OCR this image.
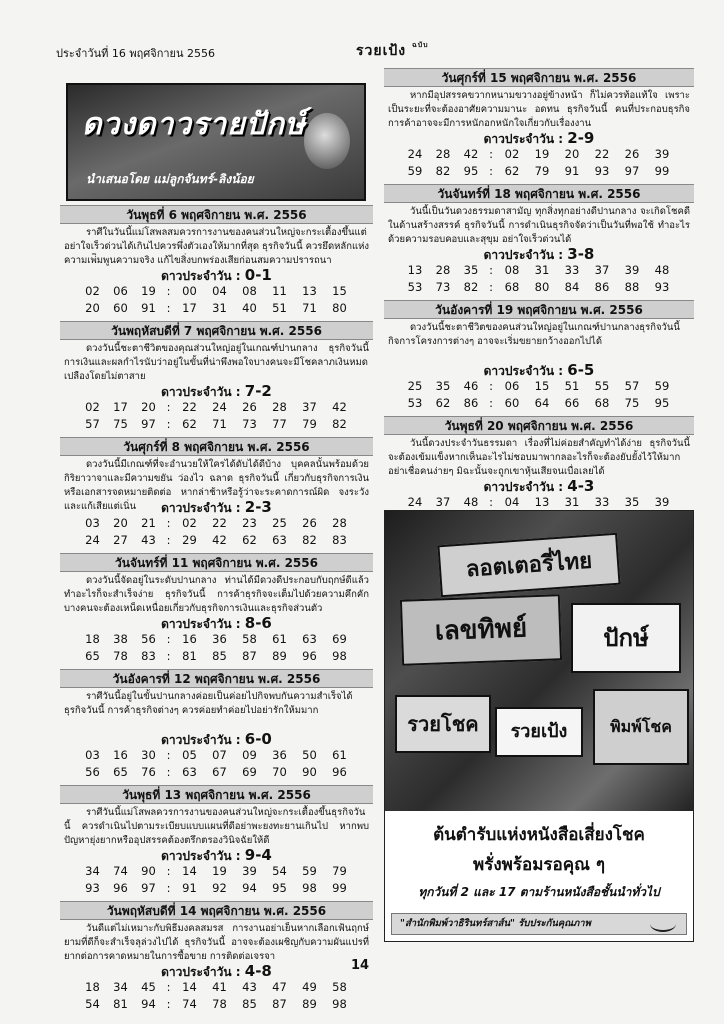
ประจำวันที่ 16 พฤศจิกายน 2556	รวยเป้ง $^{ฉบับ}$
ดวงดาวรายปักษ์
นำเสนอโดย แม่ลูกจันทร์-ลิงน้อย
วันพุธที่ 6 พฤศจิกายน พ.ศ. 2556
ราศีในวันนี้แม่โสพลสมควรการงานของคนส่วนใหญ่จะกระเตื้องขึ้นแต่อย่าใจเร็วด่วนได้เกินไปควรพึ่งตัวเองให้มากที่สุด ธุรกิจวันนี้ ควรยึดหลักแห่งความเพ่ิมพูนความจริง แก้ไขสิ่งบกพร่องเสียก่อนสมความปรารถนา
ดาวประจำวัน : 0-1
02	06	19 :	00	04	08	11	13	15
20	60	91 :	17	31	40	51	71	80
วันพฤหัสบดีที่ 7 พฤศจิกายน พ.ศ. 2556
ดวงวันนี้ชะตาชีวิตของคุณส่วนใหญ่อยู่ในเกณฑ์ปานกลาง ธุรกิจวันนี้การเงินและผลกำไรนับว่าอยู่ในขั้นที่น่าพึงพอใจบางคนจะมีโชคลาภเงินหมดเปลืองโดยไม่ตาสาย
ดาวประจำวัน : 7-2
02	17	20 :	22	24	26	28	37	42
57	75	97 :	62	71	73	77	79	82
วันศุกร์ที่ 8 พฤศจิกายน พ.ศ. 2556
ดวงวันนี้มีเกณฑ์ที่จะอำนวยให้ใครได้ดับได้ดีบ้าง บุคคลนั้นพร้อมด้วยกิริยาวาจาและมีความขยัน ว่องไว ฉลาด ธุรกิจวันนี้ เกี่ยวกับธุรกิจการเงินหรือเอกสารจดหมายติดต่อ หากล่าช้าหรือรู้ว่าจะระคาดการณ์ผิด จงระวังและแก้เสียแต่เนิ่น	ดาวประจำวัน : 2-3
03	20	21 :	02	22	23	25	26	28
24	27	43 :	29	42	62	63	82	83
วันจันทร์ที่ 11 พฤศจิกายน พ.ศ. 2556
ดวงวันนี้จัดอยู่ในระดับปานกลาง ท่านได้มีดวงดีประกอบกับฤกษ์ดีแล้วทำอะไรก็จะสำเร็จง่าย ธุรกิจวันนี้ การค้าธุรกิจจะเต็มไปด้วยความคึกคัก บางคนจะต้องเหน็ดเหนื่อยเกี่ยวกับธุรกิจการเงินและธุรกิจส่วนตัว
ดาวประจำวัน : 8-6
18	38	56 :	16	36	58	61	63	69
65	78	83 :	81	85	87	89	96	98
วันอังคารที่ 12 พฤศจิกายน พ.ศ. 2556
ราศีวันนี้อยู่ในขั้นปานกลางค่อยเป็นค่อยไปกิจพบกันความสำเร็จได้ธุรกิจวันนี้ การค้าธุรกิจต่างๆ ควรค่อยทำค่อยไปอย่ารักให้มมาก
ดาวประจำวัน : 6-0
03	16	30 :	05	07	09	36	50	61
56	65	76 :	63	67	69	70	90	96
วันพุธที่ 13 พฤศจิกายน พ.ศ. 2556
ราศีวันนี้แม่โสพลควรการงานของคนส่วนใหญ่จะกระเตื้องขึ้นธุรกิจวันนี้ ควรดำเนินไปตามระเบียบแบบแผนที่ดีอย่าพะยงทะยานเกินไป หากพบปัญหายุ่งยากหรืออุปสรรคต้องตรึกตรองวินิจฉัยให้ดี
ดาวประจำวัน : 9-4
34	74	90 :	14	19	39	54	59	79
93	96	97 :	91	92	94	95	98	99
วันพฤหัสบดีที่ 14 พฤศจิกายน พ.ศ. 2556
วันดีแต่ไม่เหมาะกับพิธีมงคลสมรส การงานอย่าเย็นหากเลือกเฟ้นฤกษ์ยามที่ดีก็จะสำเร็จลุล่วงไปได้ ธุรกิจวันนี้ อาจจะต้องเผชิญกับความผันแปรที่ยากต่อการคาดหมายในการซื้อขาย การติดต่อเจรจา
ดาวประจำวัน : 4-8
18	34	45 :	14	41	43	47	49	58
54	81	94 :	74	78	85	87	89	98
วันศุกร์ที่ 15 พฤศจิกายน พ.ศ. 2556
หากมีอุปสรรคขวากหนามขวางอยู่ข้างหน้า ก็ไม่ควรท้อแท้ใจ เพราะเป็นระยะที่จะต้องอาศัยความมานะ อดทน ธุรกิจวันนี้ คนที่ประกอบธุรกิจการค้าอาจจะมีการหนักอกหนักใจเกี่ยวกับเรื่องงาน
ดาวประจำวัน : 2-9
24	28	42 :	02	19	20	22	26	39
59	82	95 :	62	79	91	93	97	99
วันจันทร์ที่ 18 พฤศจิกายน พ.ศ. 2556
วันนี้เป็นวันดวงธรรมดาสามัญ ทุกสิ่งทุกอย่างดีปานกลาง จะเกิดโชคดีในด้านสร้างสรรค์ ธุรกิจวันนี้ การดำเนินธุรกิจจัดว่าเป็นวันที่พอใช้ ทำอะไรด้วยความรอบคอบและสุขุม อย่าใจเร็วด่วนได้
ดาวประจำวัน : 3-8
13	28	35 :	08	31	33	37	39	48
53	73	82 :	68	80	84	86	88	93
วันอังคารที่ 19 พฤศจิกายน พ.ศ. 2556
ดวงวันนี้ชะตาชีวิตของคนส่วนใหญ่อยู่ในเกณฑ์ปานกลางธุรกิจวันนี้กิจการโครงการต่างๆ อาจจะเริ่มขยายกว้างออกไปได้
ดาวประจำวัน : 6-5
25	35	46 :	06	15	51	55	57	59
53	62	86 :	60	64	66	68	75	95
วันพุธที่ 20 พฤศจิกายน พ.ศ. 2556
วันนี้ดวงประจำวันธรรมดา เรื่องที่ไม่ค่อยสำคัญทำได้ง่าย ธุรกิจวันนี้ จะต้องเข้มแข็งหากเห็นอะไรไม่ชอบมาพากลอะไรก็จะต้องยับยั้งไว้ให้มากอย่าเชื่อคนง่ายๆ มิฉะนั้นจะถูกเขาหุ้นเสียจนเบื่อเลยได้
ดาวประจำวัน : 4-3
24	37	48 :	04	13	31	33	35	39
ลอตเตอรี่ไทย
เลขทิพย์	ปักษ์
รวยโชค	รวยเป้ง	พิมพ์โชค
ต้นตำรับแห่งหนังสือเสี่ยงโชค
พรั่งพร้อมรอคุณ ๆ
ทุกวันที่ 2 และ 17 ตามร้านหนังสือชั้นนำทั่วไป
"สำนักพิมพ์วาธิรินทร์สาส์น" รับประกันคุณภาพ
14
